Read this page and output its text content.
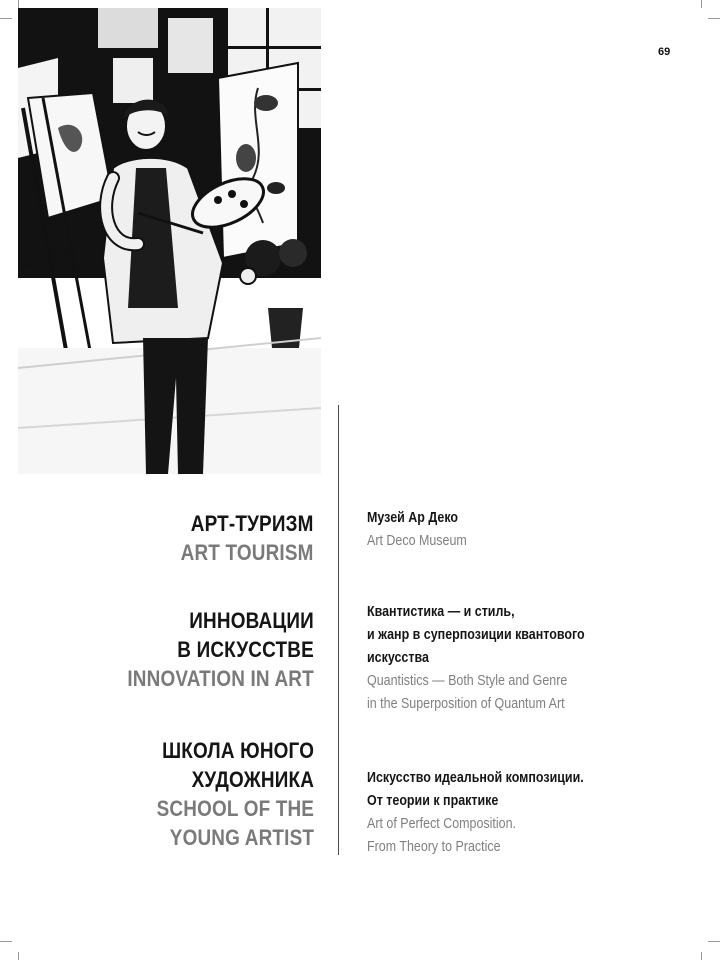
69
АРТ-ТУРИЗМ
ART TOURISM
Музей Ар Деко
Art Deco Museum
ИННОВАЦИИ
В ИСКУССТВЕ
INNOVATION IN ART
Квантистика — и стиль,
и жанр в суперпозиции квантового
искусства
Quantistics — Both Style and Genre
in the Superposition of Quantum Art
ШКОЛА ЮНОГО
ХУДОЖНИКА
SCHOOL OF THE
YOUNG ARTIST
Искусство идеальной композиции.
От теории к практике
Art of Perfect Composition.
From Theory to Practice
